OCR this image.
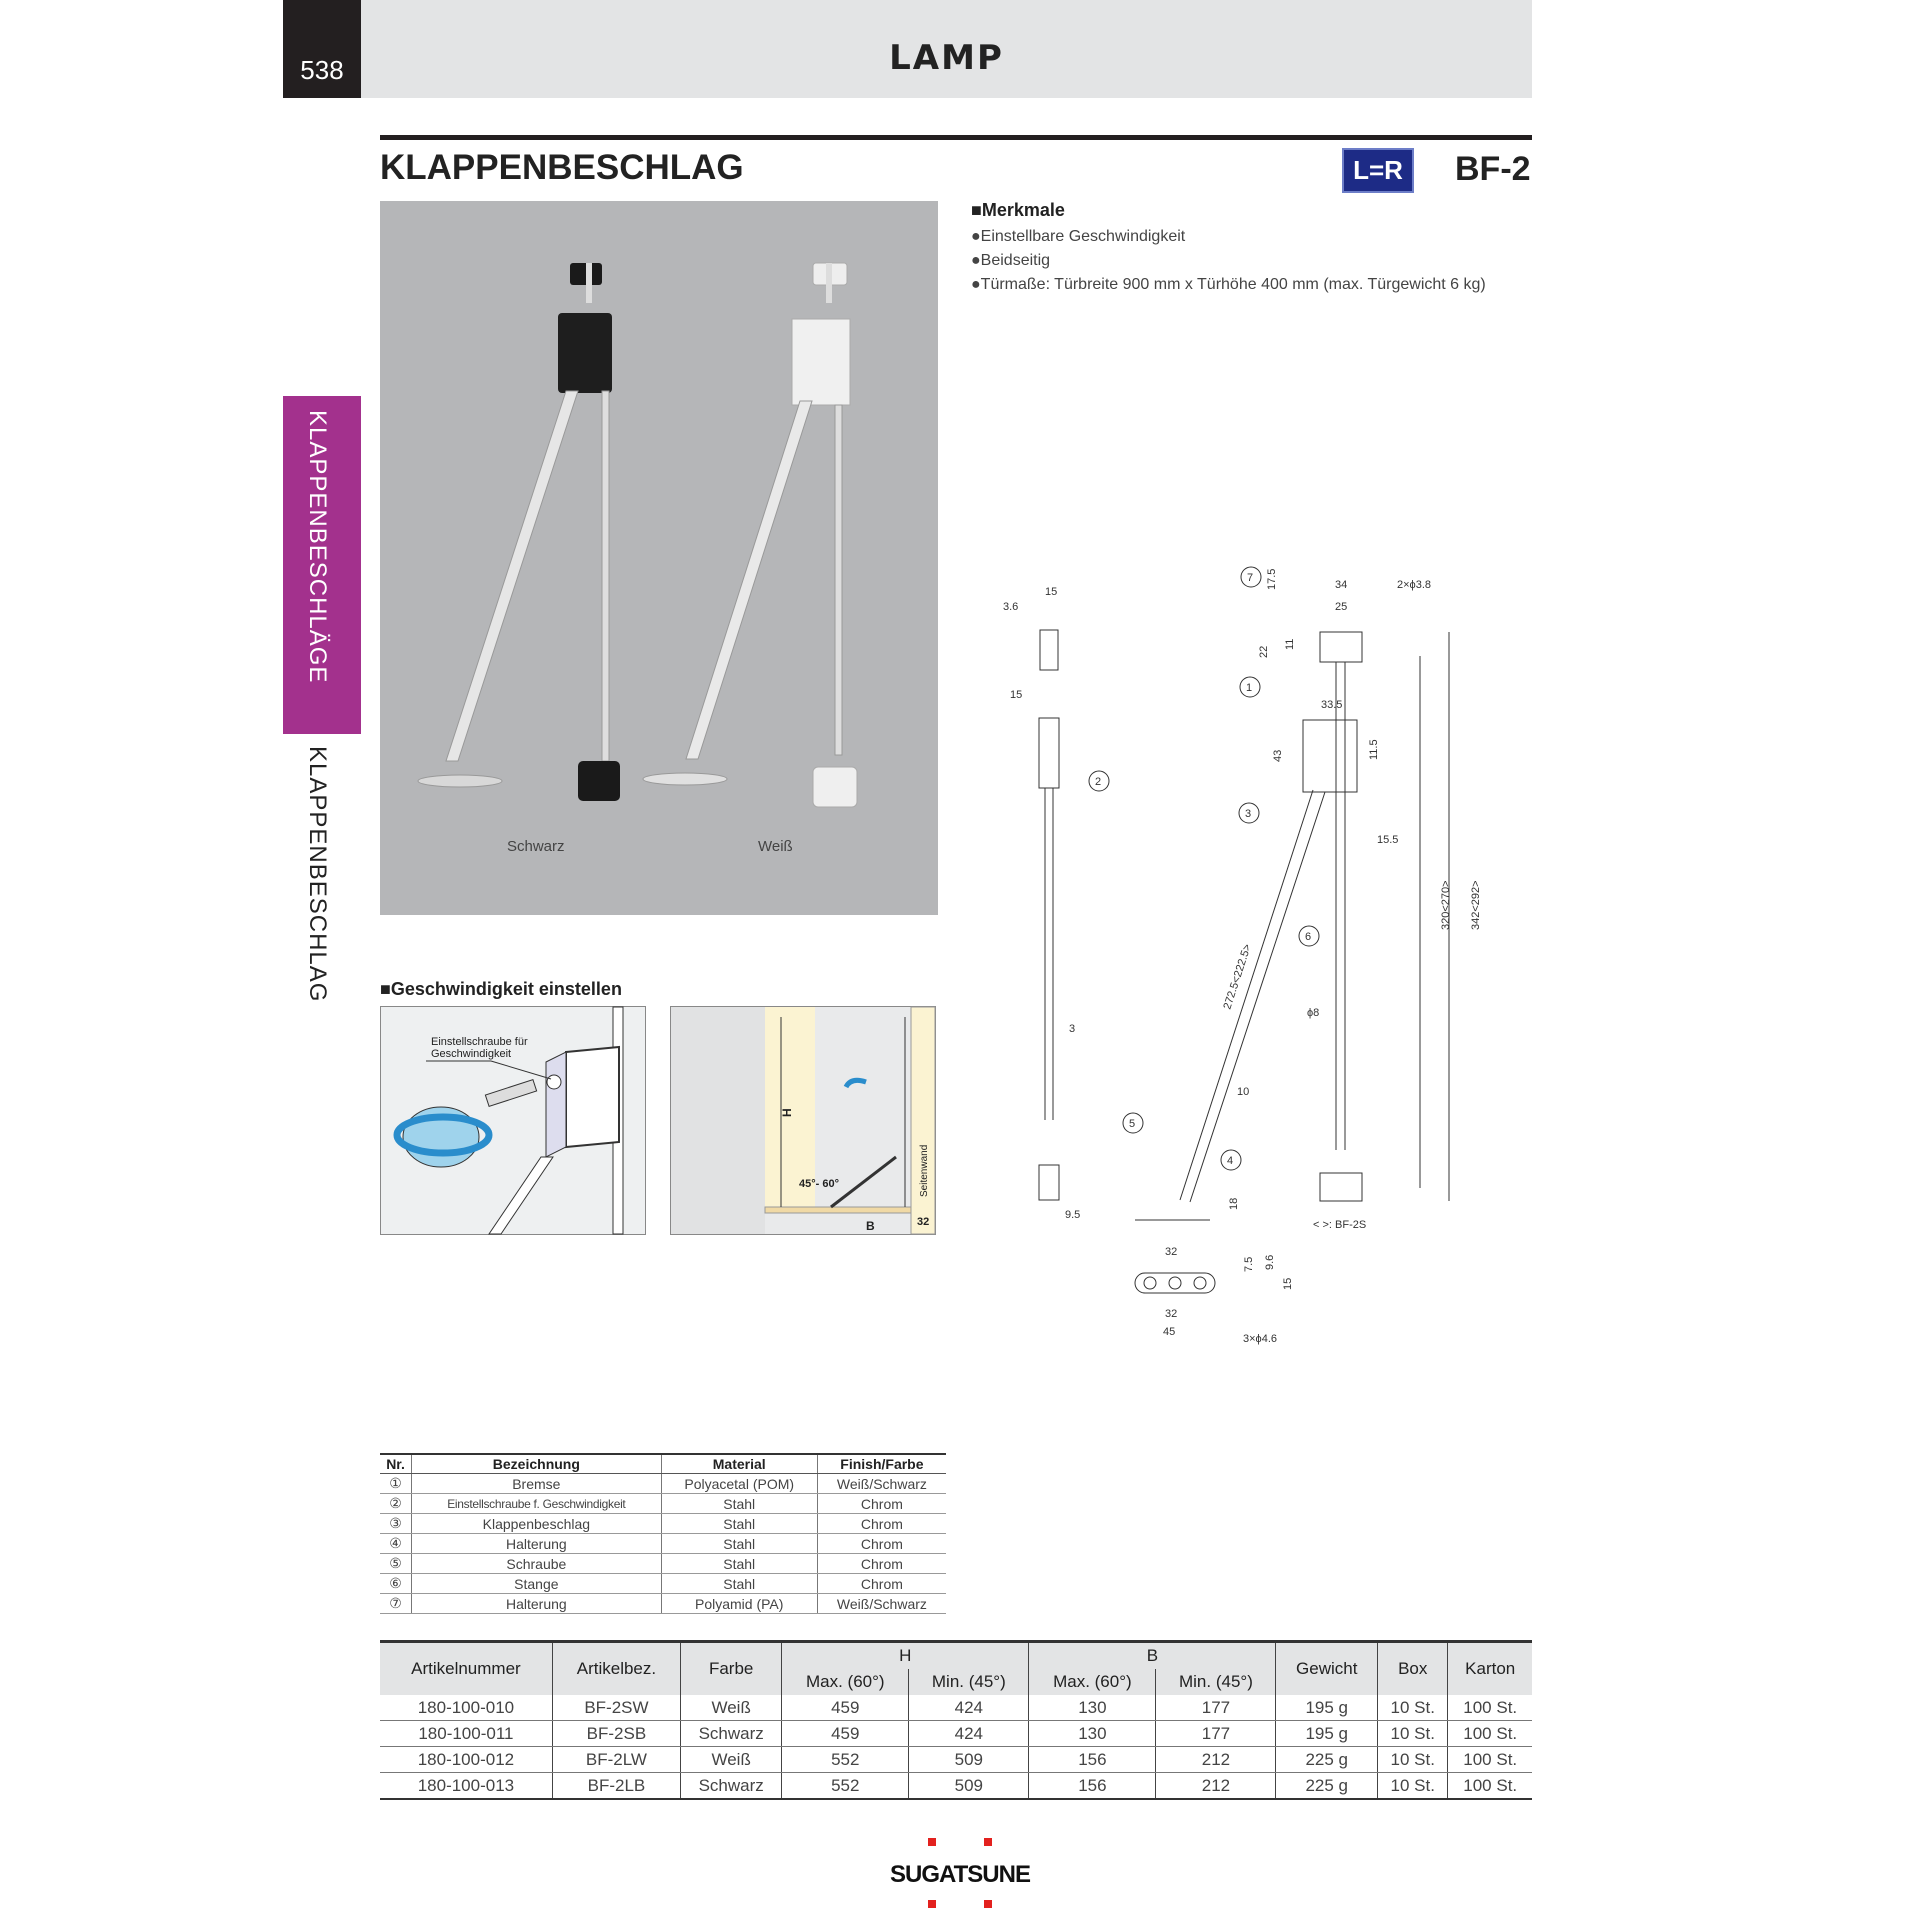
538	LAMP
KLAPPENBESCHLÄGE
KLAPPENBESCHLAG
KLAPPENBESCHLAG	L=R	BF-2
Schwarz	Weiß
■Merkmale
●Einstellbare Geschwindigkeit
●Beidseitig
●Türmaße: Türbreite 900 mm x Türhöhe 400 mm (max. Türgewicht 6 kg)
■Geschwindigkeit einstellen
Einstellschraube für
Geschwindigkeit
H
45°- 60°
B	32
Seitenwand
15
3.6
15
3
9.5
17.5	34	2×ϕ3.8
25
22
11
33.5
43	11.5
15.5
320<270> 342<292>
272.5<222.5>
ϕ8
10
18
32
7.5 9.6
15
32
45
3×ϕ4.6
< >: BF-2S
7
1
3
4
5
6
2
Nr.	Bezeichnung	Material	Finish/Farbe
①	Bremse	Polyacetal (POM)	Weiß/Schwarz
②	Einstellschraube f. Geschwindigkeit	Stahl	Chrom
③	Klappenbeschlag	Stahl	Chrom
④	Halterung	Stahl	Chrom
⑤	Schraube	Stahl	Chrom
⑥	Stange	Stahl	Chrom
⑦	Halterung	Polyamid (PA)	Weiß/Schwarz
Artikelnummer	Artikelbez.	Farbe	H		B		Gewicht	Box	Karton
			Max. (60°)	Min. (45°)	Max. (60°)	Min. (45°)			
180-100-010	BF-2SW	Weiß	459	424	130	177	195 g	10 St.	100 St.
180-100-011	BF-2SB	Schwarz	459	424	130	177	195 g	10 St.	100 St.
180-100-012	BF-2LW	Weiß	552	509	156	212	225 g	10 St.	100 St.
180-100-013	BF-2LB	Schwarz	552	509	156	212	225 g	10 St.	100 St.
SUGATSUNE
